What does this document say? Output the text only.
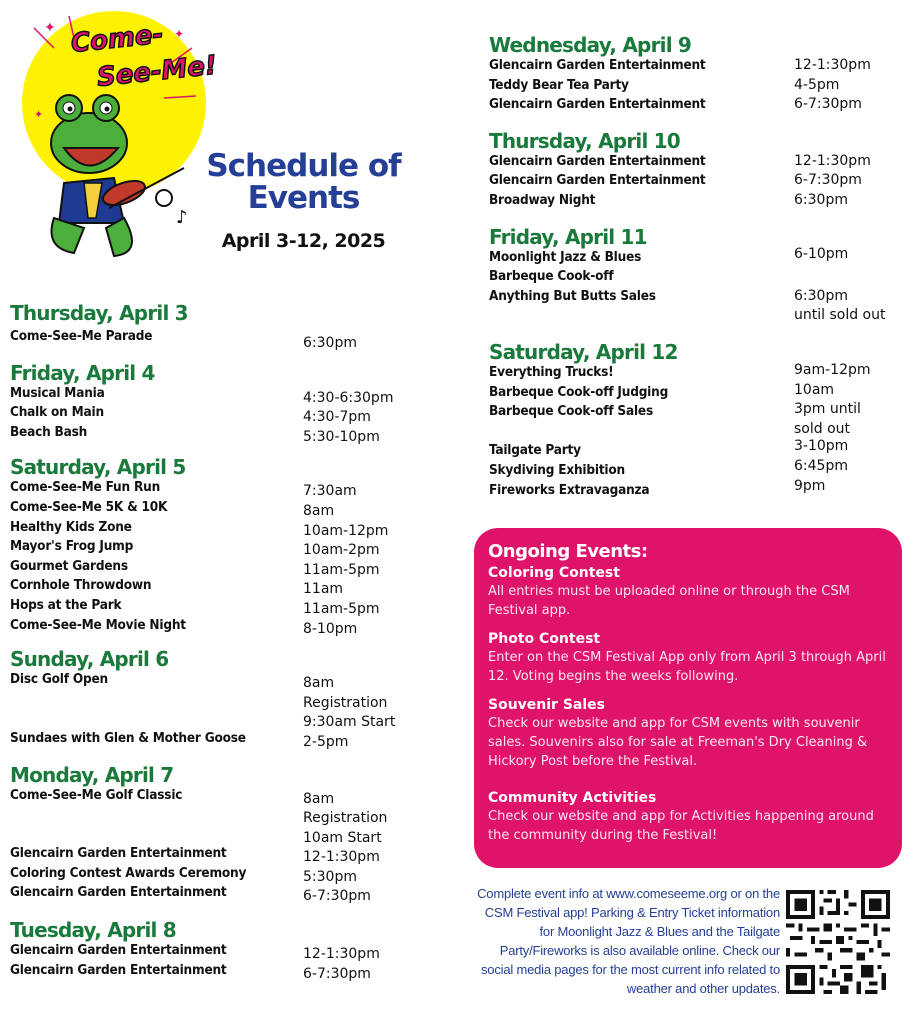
✦	✦
✦
Come-
See-Me!
♪
Schedule of Events
April 3-12, 2025
Thursday, April 3
Come-See-Me Parade	6:30pm
Friday, April 4
Musical Mania	4:30-6:30pm
Chalk on Main	4:30-7pm
Beach Bash	5:30-10pm
Saturday, April 5
Come-See-Me Fun Run	7:30am
Come-See-Me 5K & 10K	8am
Healthy Kids Zone	10am-12pm
Mayor's Frog Jump	10am-2pm
Gourmet Gardens	11am-5pm
Cornhole Throwdown	11am
Hops at the Park	11am-5pm
Come-See-Me Movie Night	8-10pm
Sunday, April 6
Disc Golf Open	8am
Registration
9:30am Start
Sundaes with Glen & Mother Goose	2-5pm
Monday, April 7
Come-See-Me Golf Classic	8am
Registration
10am Start
Glencairn Garden Entertainment	12-1:30pm
Coloring Contest Awards Ceremony	5:30pm
Glencairn Garden Entertainment	6-7:30pm
Tuesday, April 8
Glencairn Garden Entertainment	12-1:30pm
Glencairn Garden Entertainment	6-7:30pm
Wednesday, April 9
Glencairn Garden Entertainment	12-1:30pm
Teddy Bear Tea Party	4-5pm
Glencairn Garden Entertainment	6-7:30pm
Thursday, April 10
Glencairn Garden Entertainment	12-1:30pm
Glencairn Garden Entertainment	6-7:30pm
Broadway Night	6:30pm
Friday, April 11
Moonlight Jazz & Blues	6-10pm
Barbeque Cook-off
Anything But Butts Sales	6:30pm
until sold out
Saturday, April 12
Everything Trucks!	9am-12pm
Barbeque Cook-off Judging	10am
Barbeque Cook-off Sales	3pm until
sold out
Tailgate Party	3-10pm
Skydiving Exhibition	6:45pm
Fireworks Extravaganza	9pm
Ongoing Events:

Coloring Contest

All entries must be uploaded online or through the CSM Festival app.

Photo Contest

Enter on the CSM Festival App only from April 3 through April 12. Voting begins the weeks following.

Souvenir Sales

Check our website and app for CSM events with souvenir sales. Souvenirs also for sale at Freeman's Dry Cleaning & Hickory Post before the Festival.

Community Activities

Check our website and app for Activities happening around the community during the Festival!

Complete event info at www.comeseeme.org or on the CSM Festival app! Parking & Entry Ticket information for Moonlight Jazz & Blues and the Tailgate Party/Fireworks is also available online. Check our social media pages for the most current info related to weather and other updates.
